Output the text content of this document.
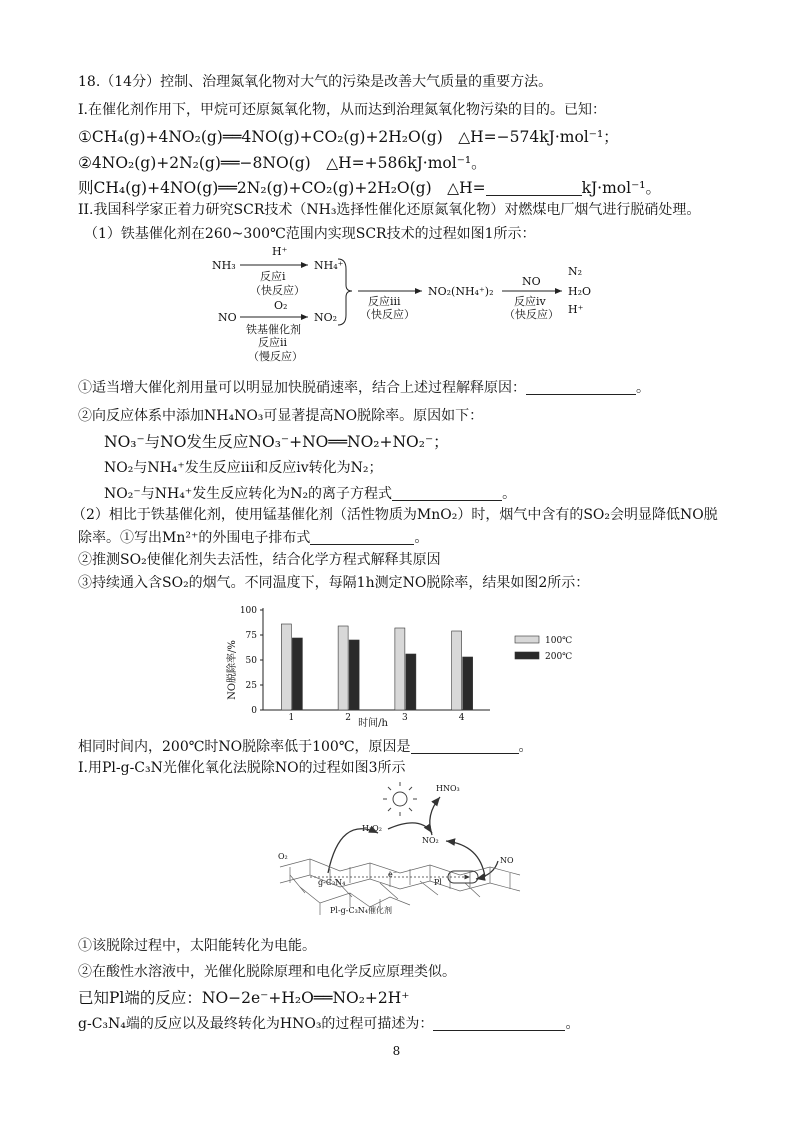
18.（14分）控制、治理氮氧化物对大气的污染是改善大气质量的重要方法。
I.在催化剂作用下，甲烷可还原氮氧化物，从而达到治理氮氧化物污染的目的。已知：
①CH₄(g)+4NO₂(g)══4NO(g)+CO₂(g)+2H₂O(g)　△H=−574kJ·mol⁻¹；
②4NO₂(g)+2N₂(g)══−8NO(g)　△H=+586kJ·mol⁻¹。
则CH₄(g)+4NO(g)══2N₂(g)+CO₂(g)+2H₂O(g)　△H=	kJ·mol⁻¹。
II.我国科学家正着力研究SCR技术（NH₃选择性催化还原氮氧化物）对燃煤电厂烟气进行脱硝处理。
（1）铁基催化剂在260~300℃范围内实现SCR技术的过程如图1所示：
NH₃
H⁺
NH₄⁺
反应i
（快反应）
NO
O₂
NO₂
铁基催化剂
反应ii
（慢反应）
反应iii
（快反应）
NO₂(NH₄⁺)₂
NO
反应iv
（快反应）
N₂
H₂O
H⁺
①适当增大催化剂用量可以明显加快脱硝速率，结合上述过程解释原因：	。
②向反应体系中添加NH₄NO₃可显著提高NO脱除率。原因如下：
NO₃⁻与NO发生反应NO₃⁻+NO══NO₂+NO₂⁻；
NO₂与NH₄⁺发生反应iii和反应iv转化为N₂；
NO₂⁻与NH₄⁺发生反应转化为N₂的离子方程式	。
（2）相比于铁基催化剂，使用锰基催化剂（活性物质为MnO₂）时，烟气中含有的SO₂会明显降低NO脱
除率。①写出Mn²⁺的外围电子排布式	。
②推测SO₂使催化剂失去活性，结合化学方程式解释其原因
③持续通入含SO₂的烟气。不同温度下，每隔1h测定NO脱除率，结果如图2所示：
NO脱除率/%
0
25
50
75
100
1	2	3	4
时间/h
100℃
200℃
相同时间内，200℃时NO脱除率低于100℃，原因是	。
I.用Pl-g-C₃N光催化氧化法脱除NO的过程如图3所示
HNO₃
H₂O₂
NO₂
NO
O₂
g-C₃N₄
e⁻
Pl
Pl-g-C₃N₄催化剂
①该脱除过程中，太阳能转化为电能。
②在酸性水溶液中，光催化脱除原理和电化学反应原理类似。
已知Pl端的反应：NO−2e⁻+H₂O══NO₂+2H⁺
g-C₃N₄端的反应以及最终转化为HNO₃的过程可描述为：	。
8
